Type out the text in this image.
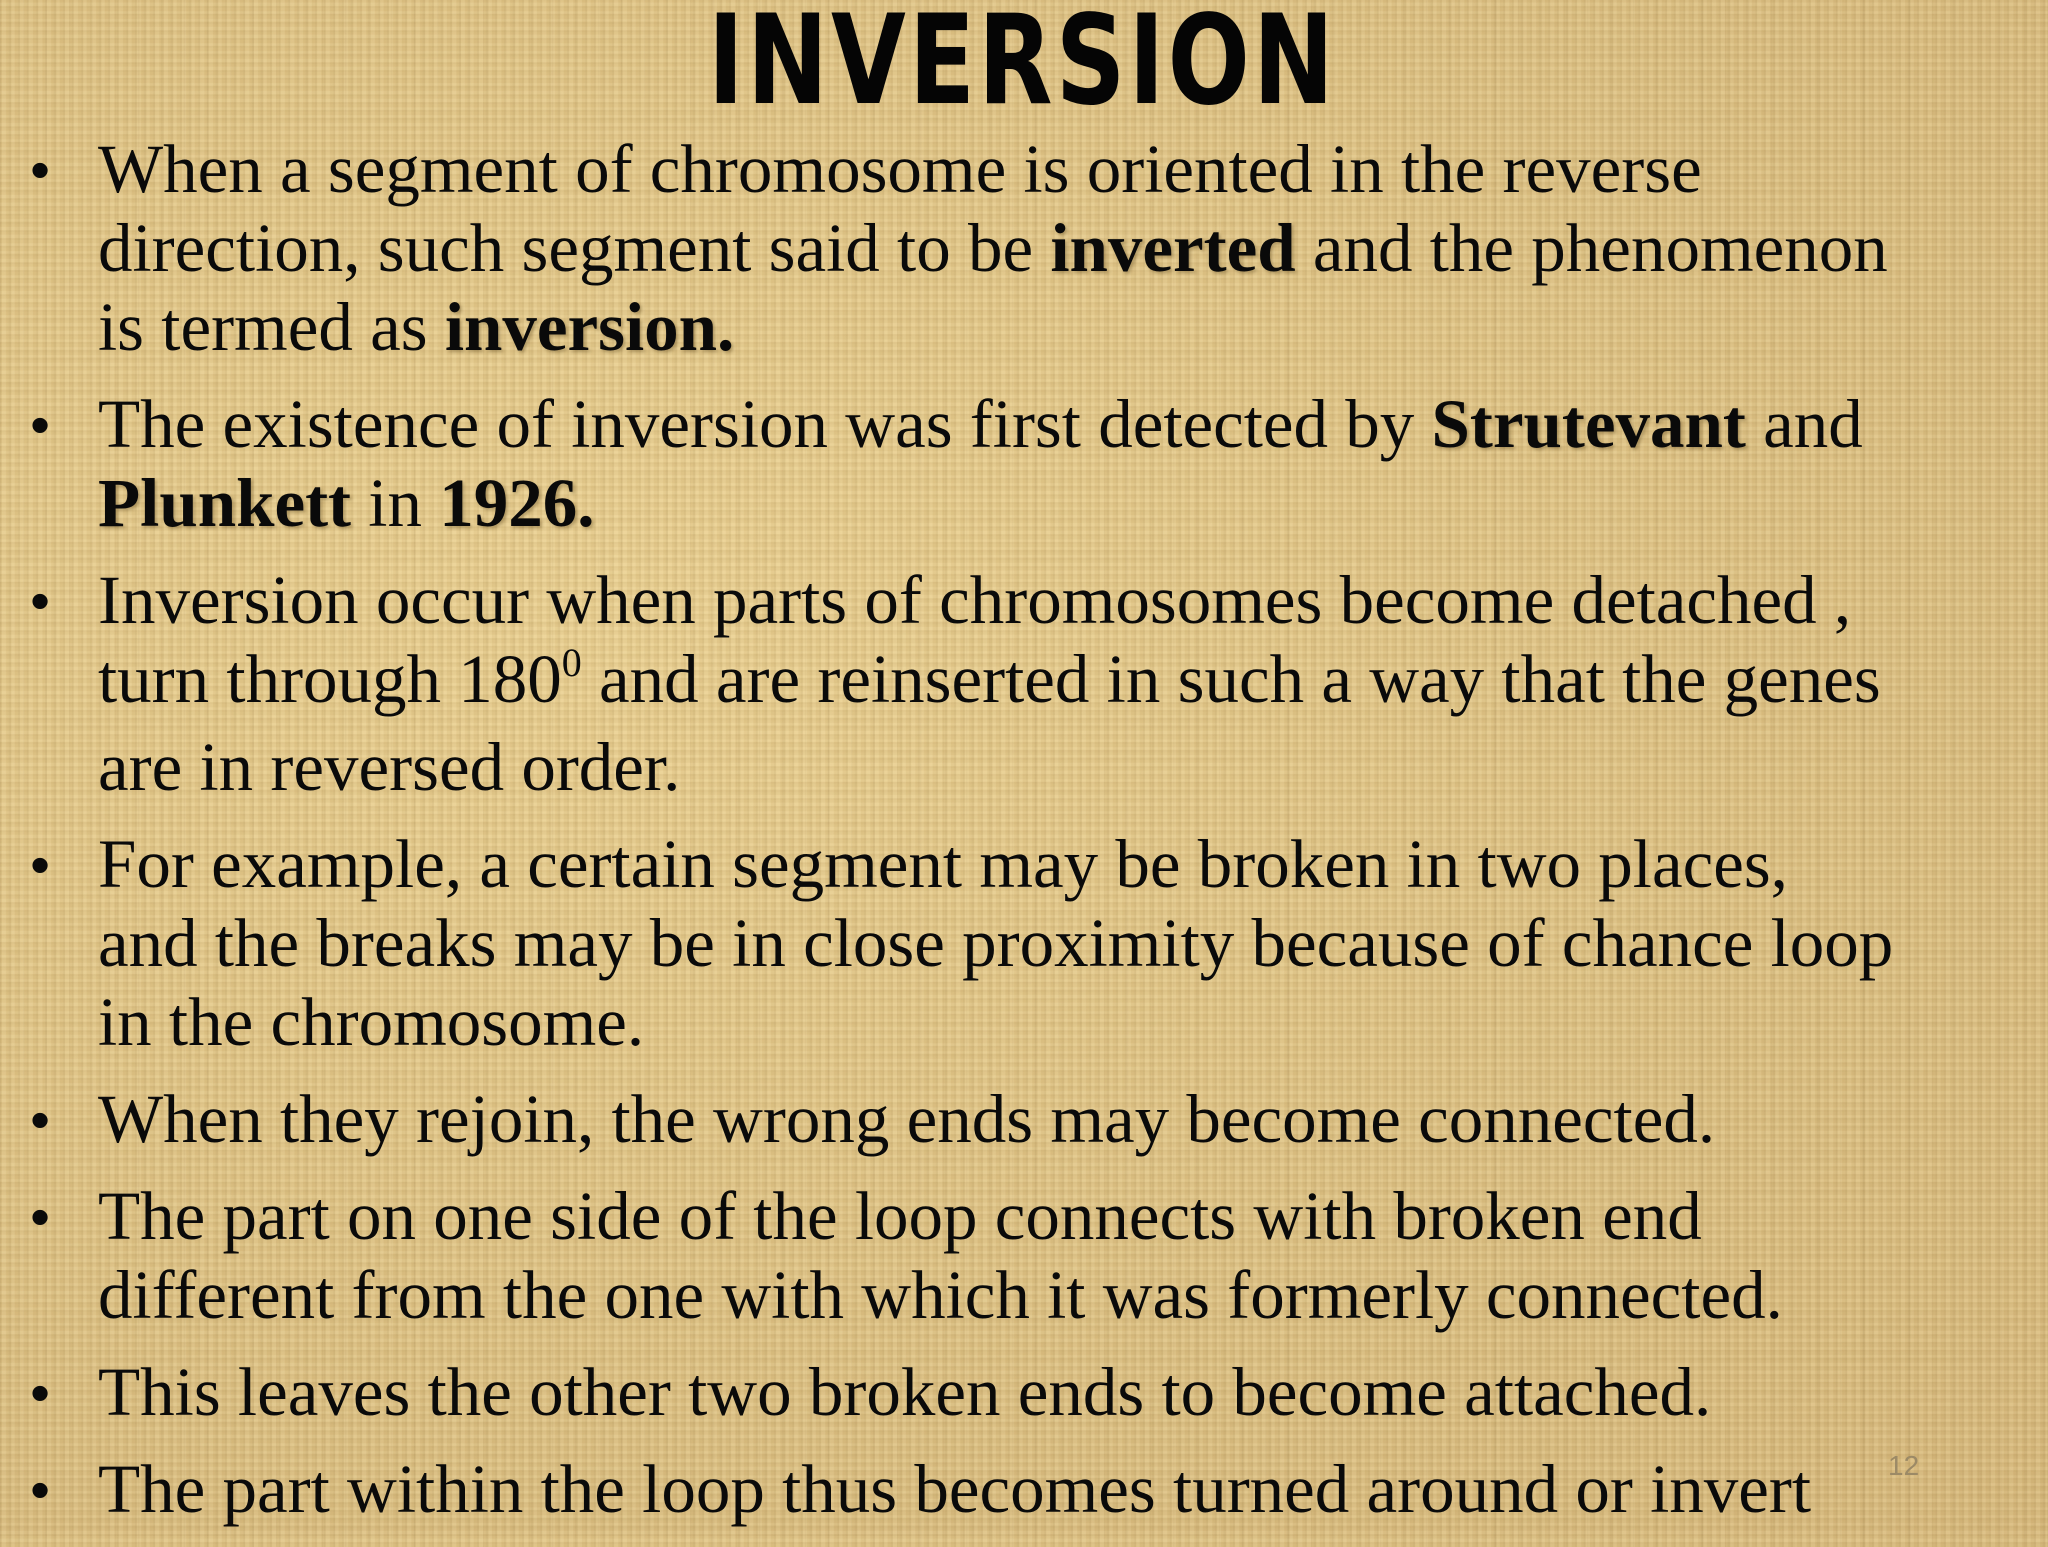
INVERSION
• When a segment of chromosome is oriented in the reverse
direction, such segment said to be inverted and the phenomenon
is termed as inversion.
• The existence of inversion was first detected by Strutevant and
Plunkett in 1926.
• Inversion occur when parts of chromosomes become detached ,
turn through $180^0$ and are reinserted in such a way that the genes
are in reversed order.
• For example, a certain segment may be broken in two places,
and the breaks may be in close proximity because of chance loop
in the chromosome.
• When they rejoin, the wrong ends may become connected.
• The part on one side of the loop connects with broken end
different from the one with which it was formerly connected.
• This leaves the other two broken ends to become attached.
• The part within the loop thus becomes turned around or invert	12
